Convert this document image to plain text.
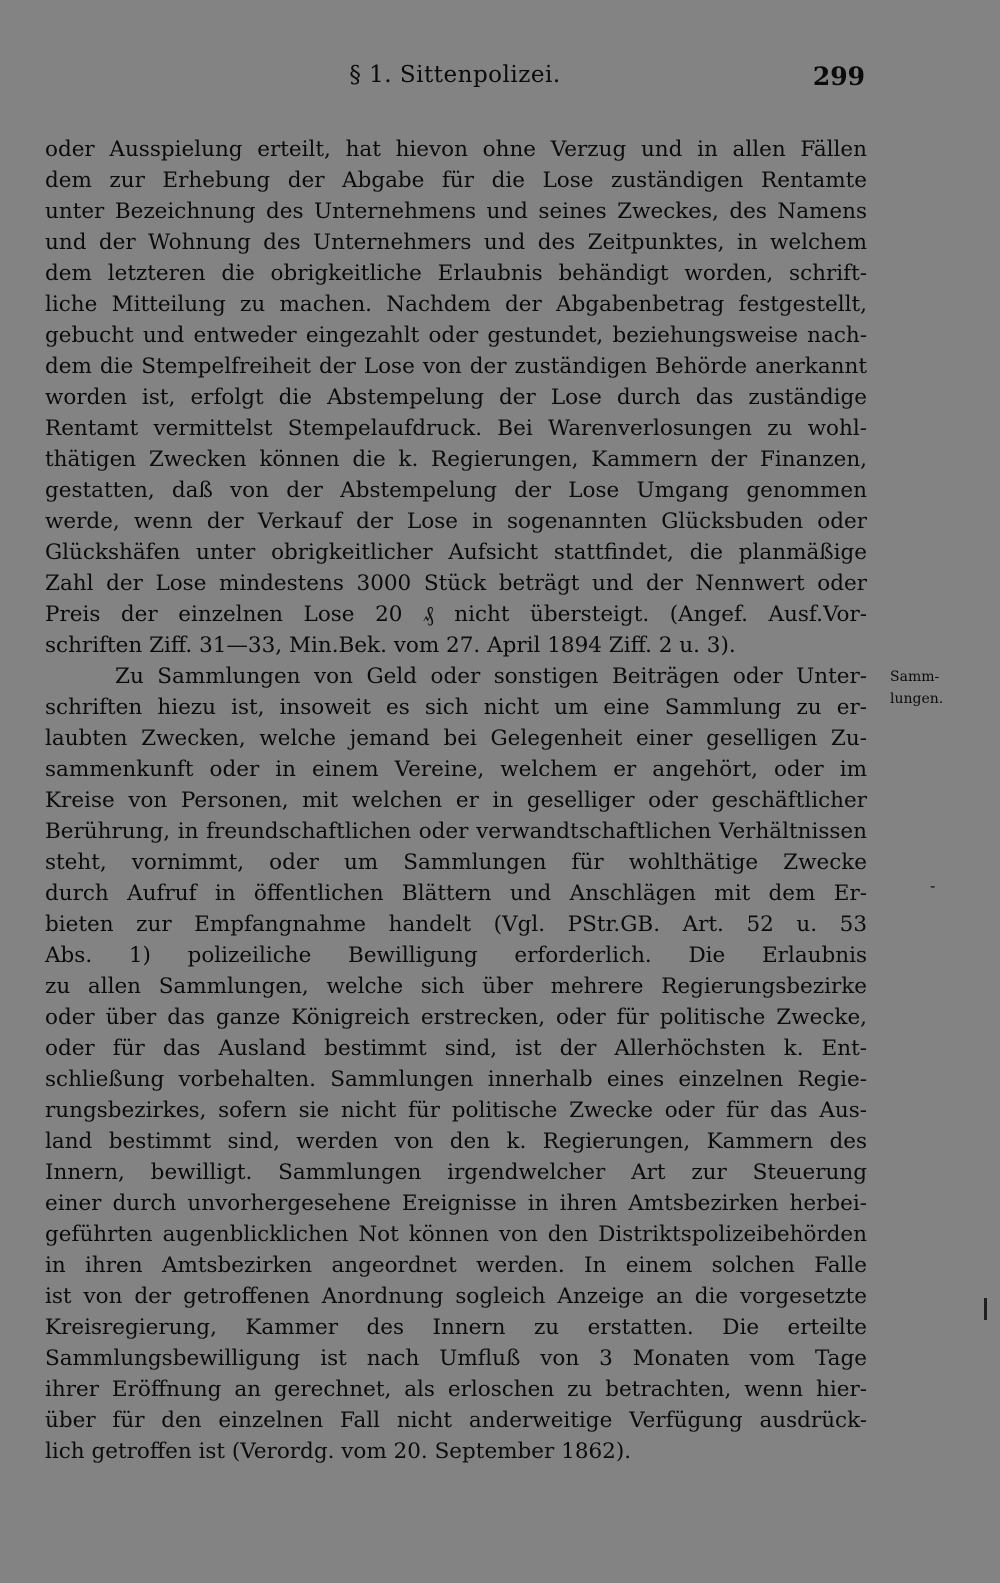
§ 1. Sittenpolizei.	299
oder Ausspielung erteilt, hat hievon ohne Verzug und in allen Fällen
dem zur Erhebung der Abgabe für die Lose zuständigen Rentamte
unter Bezeichnung des Unternehmens und seines Zweckes, des Namens
und der Wohnung des Unternehmers und des Zeitpunktes, in welchem
dem letzteren die obrigkeitliche Erlaubnis behändigt worden, schrift-
liche Mitteilung zu machen. Nachdem der Abgabenbetrag festgestellt,
gebucht und entweder eingezahlt oder gestundet, beziehungsweise nach-
dem die Stempelfreiheit der Lose von der zuständigen Behörde anerkannt
worden ist, erfolgt die Abstempelung der Lose durch das zuständige
Rentamt vermittelst Stempelaufdruck. Bei Warenverlosungen zu wohl-
thätigen Zwecken können die k. Regierungen, Kammern der Finanzen,
gestatten, daß von der Abstempelung der Lose Umgang genommen
werde, wenn der Verkauf der Lose in sogenannten Glücksbuden oder
Glückshäfen unter obrigkeitlicher Aufsicht stattfindet, die planmäßige
Zahl der Lose mindestens 3000 Stück beträgt und der Nennwert oder
Preis der einzelnen Lose 20 ₰ nicht übersteigt. (Angef. Ausf.Vor-
schriften Ziff. 31—33, Min.Bek. vom 27. April 1894 Ziff. 2 u. 3).
Zu Sammlungen von Geld oder sonstigen Beiträgen oder Unter-
schriften hiezu ist, insoweit es sich nicht um eine Sammlung zu er-
laubten Zwecken, welche jemand bei Gelegenheit einer geselligen Zu-
sammenkunft oder in einem Vereine, welchem er angehört, oder im
Kreise von Personen, mit welchen er in geselliger oder geschäftlicher
Berührung, in freundschaftlichen oder verwandtschaftlichen Verhältnissen
steht, vornimmt, oder um Sammlungen für wohlthätige Zwecke
durch Aufruf in öffentlichen Blättern und Anschlägen mit dem Er-
bieten zur Empfangnahme handelt (Vgl. PStr.GB. Art. 52 u. 53
Abs. 1) polizeiliche Bewilligung erforderlich. Die Erlaubnis
zu allen Sammlungen, welche sich über mehrere Regierungsbezirke
oder über das ganze Königreich erstrecken, oder für politische Zwecke,
oder für das Ausland bestimmt sind, ist der Allerhöchsten k. Ent-
schließung vorbehalten. Sammlungen innerhalb eines einzelnen Regie-
rungsbezirkes, sofern sie nicht für politische Zwecke oder für das Aus-
land bestimmt sind, werden von den k. Regierungen, Kammern des
Innern, bewilligt. Sammlungen irgendwelcher Art zur Steuerung
einer durch unvorhergesehene Ereignisse in ihren Amtsbezirken herbei-
geführten augenblicklichen Not können von den Distriktspolizeibehörden
in ihren Amtsbezirken angeordnet werden. In einem solchen Falle
ist von der getroffenen Anordnung sogleich Anzeige an die vorgesetzte
Kreisregierung, Kammer des Innern zu erstatten. Die erteilte
Sammlungsbewilligung ist nach Umfluß von 3 Monaten vom Tage
ihrer Eröffnung an gerechnet, als erloschen zu betrachten, wenn hier-
über für den einzelnen Fall nicht anderweitige Verfügung ausdrück-
lich getroffen ist (Verordg. vom 20. September 1862).
Samm-
lungen.
-
